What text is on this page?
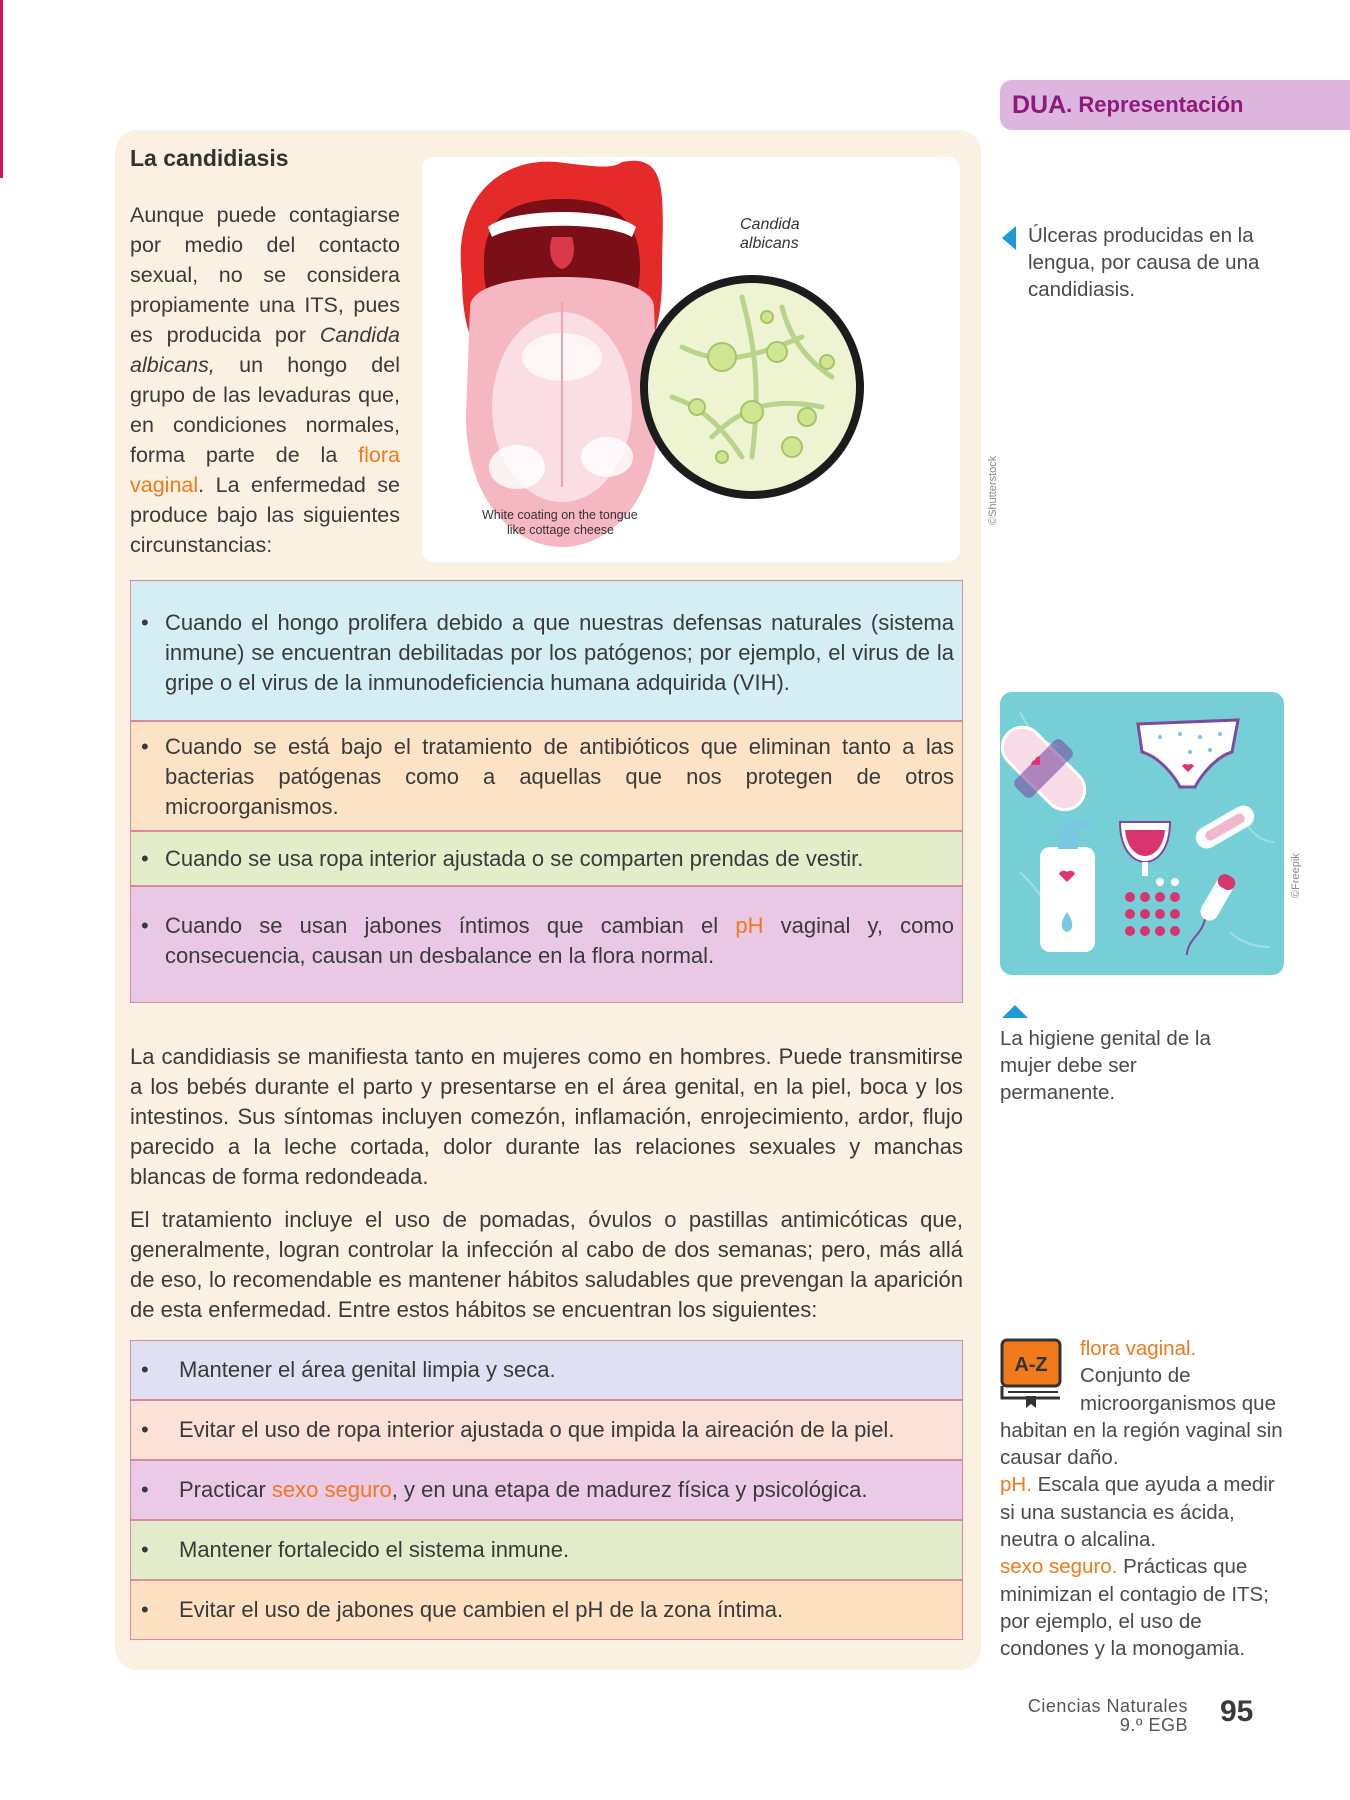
DUA . Representación
La candidiasis

Aunque puede contagiarse por medio del contacto sexual, no se considera propiamente una ITS, pues es producida por Candida albicans, un hongo del grupo de las levaduras que, en condiciones normales, forma parte de la flora vaginal. La enfermedad se produce bajo las siguientes circunstancias:

Candida
albicans
White coating on the tongue
like cottage cheese
©Shutterstock
• Cuando el hongo prolifera debido a que nuestras defensas naturales (sistema inmune) se encuentran debilitadas por los patógenos; por ejemplo, el virus de la gripe o el virus de la inmunodeficiencia humana adquirida (VIH).
• Cuando se está bajo el tratamiento de antibióticos que eliminan tanto a las bacterias patógenas como a aquellas que nos protegen de otros microorganismos.
• Cuando se usa ropa interior ajustada o se comparten prendas de vestir.
• Cuando se usan jabones íntimos que cambian el pH vaginal y, como consecuencia, causan un desbalance en la flora normal.

La candidiasis se manifiesta tanto en mujeres como en hombres. Puede transmitirse a los bebés durante el parto y presentarse en el área genital, en la piel, boca y los intestinos. Sus síntomas incluyen comezón, inflamación, enrojecimiento, ardor, flujo parecido a la leche cortada, dolor durante las relaciones sexuales y manchas blancas de forma redondeada.

El tratamiento incluye el uso de pomadas, óvulos o pastillas antimicóticas que, generalmente, logran controlar la infección al cabo de dos semanas; pero, más allá de eso, lo recomendable es mantener hábitos saludables que prevengan la aparición de esta enfermedad. Entre estos hábitos se encuentran los siguientes:

• Mantener el área genital limpia y seca.
• Evitar el uso de ropa interior ajustada o que impida la aireación de la piel.
• Practicar sexo seguro, y en una etapa de madurez física y psicológica.
• Mantener fortalecido el sistema inmune.
• Evitar el uso de jabones que cambien el pH de la zona íntima.

Úlceras producidas en la lengua, por causa de una candidiasis.

©Freepik

La higiene genital de la mujer debe ser permanente.

A-Z
flora vaginal.
Conjunto de
microorganismos que
habitan en la región vaginal sin causar daño.
pH. Escala que ayuda a medir si una sustancia es ácida, neutra o alcalina.
sexo seguro. Prácticas que minimizan el contagio de ITS; por ejemplo, el uso de condones y la monogamia.
Ciencias Naturales
9.º EGB 95
